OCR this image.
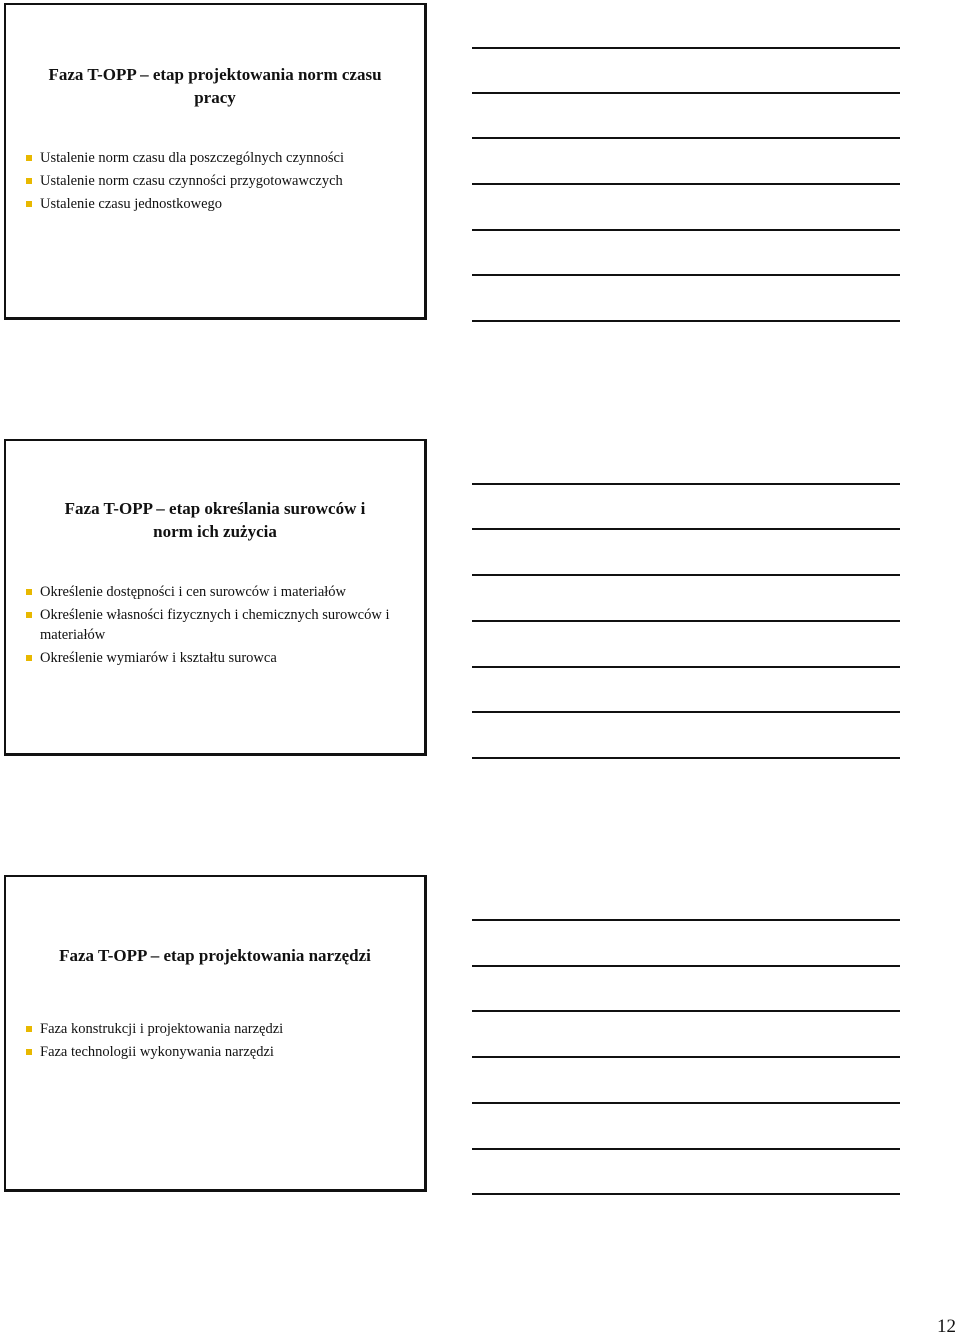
Faza T-OPP – etap projektowania norm czasu
pracy
Ustalenie norm czasu dla poszczególnych czynności
Ustalenie norm czasu czynności przygotowawczych
Ustalenie czasu jednostkowego
Faza T-OPP – etap określania surowców i
norm ich zużycia
Określenie dostępności i cen surowców i materiałów
Określenie własności fizycznych i chemicznych surowców i materiałów
Określenie wymiarów i kształtu surowca
Faza T-OPP – etap projektowania narzędzi
Faza konstrukcji i projektowania narzędzi
Faza technologii wykonywania narzędzi
12
